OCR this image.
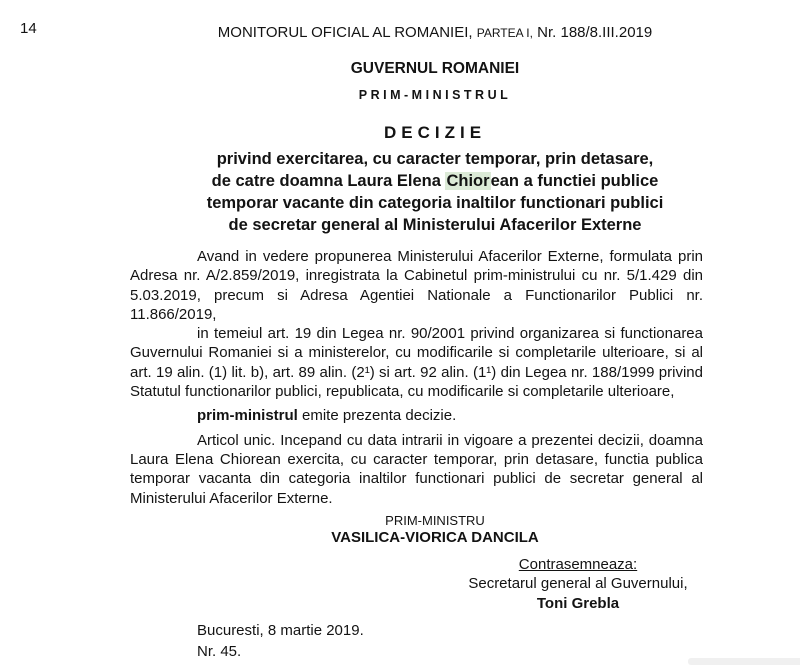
14	MONITORUL OFICIAL AL ROMANIEI, PARTEA I, Nr. 188/8.III.2019
GUVERNUL ROMANIEI
PRIM-MINISTRUL
DECIZIE
privind exercitarea, cu caracter temporar, prin detasare,
de catre doamna Laura Elena Chiorean a functiei publice
temporar vacante din categoria inaltilor functionari publici
de secretar general al Ministerului Afacerilor Externe

Avand in vedere propunerea Ministerului Afacerilor Externe, formulata prin Adresa nr. A/2.859/2019, inregistrata la Cabinetul prim-ministrului cu nr. 5/1.429 din 5.03.2019, precum si Adresa Agentiei Nationale a Functionarilor Publici nr. 11.866/2019,

in temeiul art. 19 din Legea nr. 90/2001 privind organizarea si functionarea Guvernului Romaniei si a ministerelor, cu modificarile si completarile ulterioare, si al art. 19 alin. (1) lit. b), art. 89 alin. (2¹) si art. 92 alin. (1¹) din Legea nr. 188/1999 privind Statutul functionarilor publici, republicata, cu modificarile si completarile ulterioare,

prim-ministrul emite prezenta decizie.

Articol unic. Incepand cu data intrarii in vigoare a prezentei decizii, doamna Laura Elena Chiorean exercita, cu caracter temporar, prin detasare, functia publica temporar vacanta din categoria inaltilor functionari publici de secretar general al Ministerului Afacerilor Externe.

PRIM-MINISTRU
VASILICA-VIORICA DANCILA
Contrasemneaza:
Secretarul general al Guvernului,
Toni Grebla
Bucuresti, 8 martie 2019.
Nr. 45.
